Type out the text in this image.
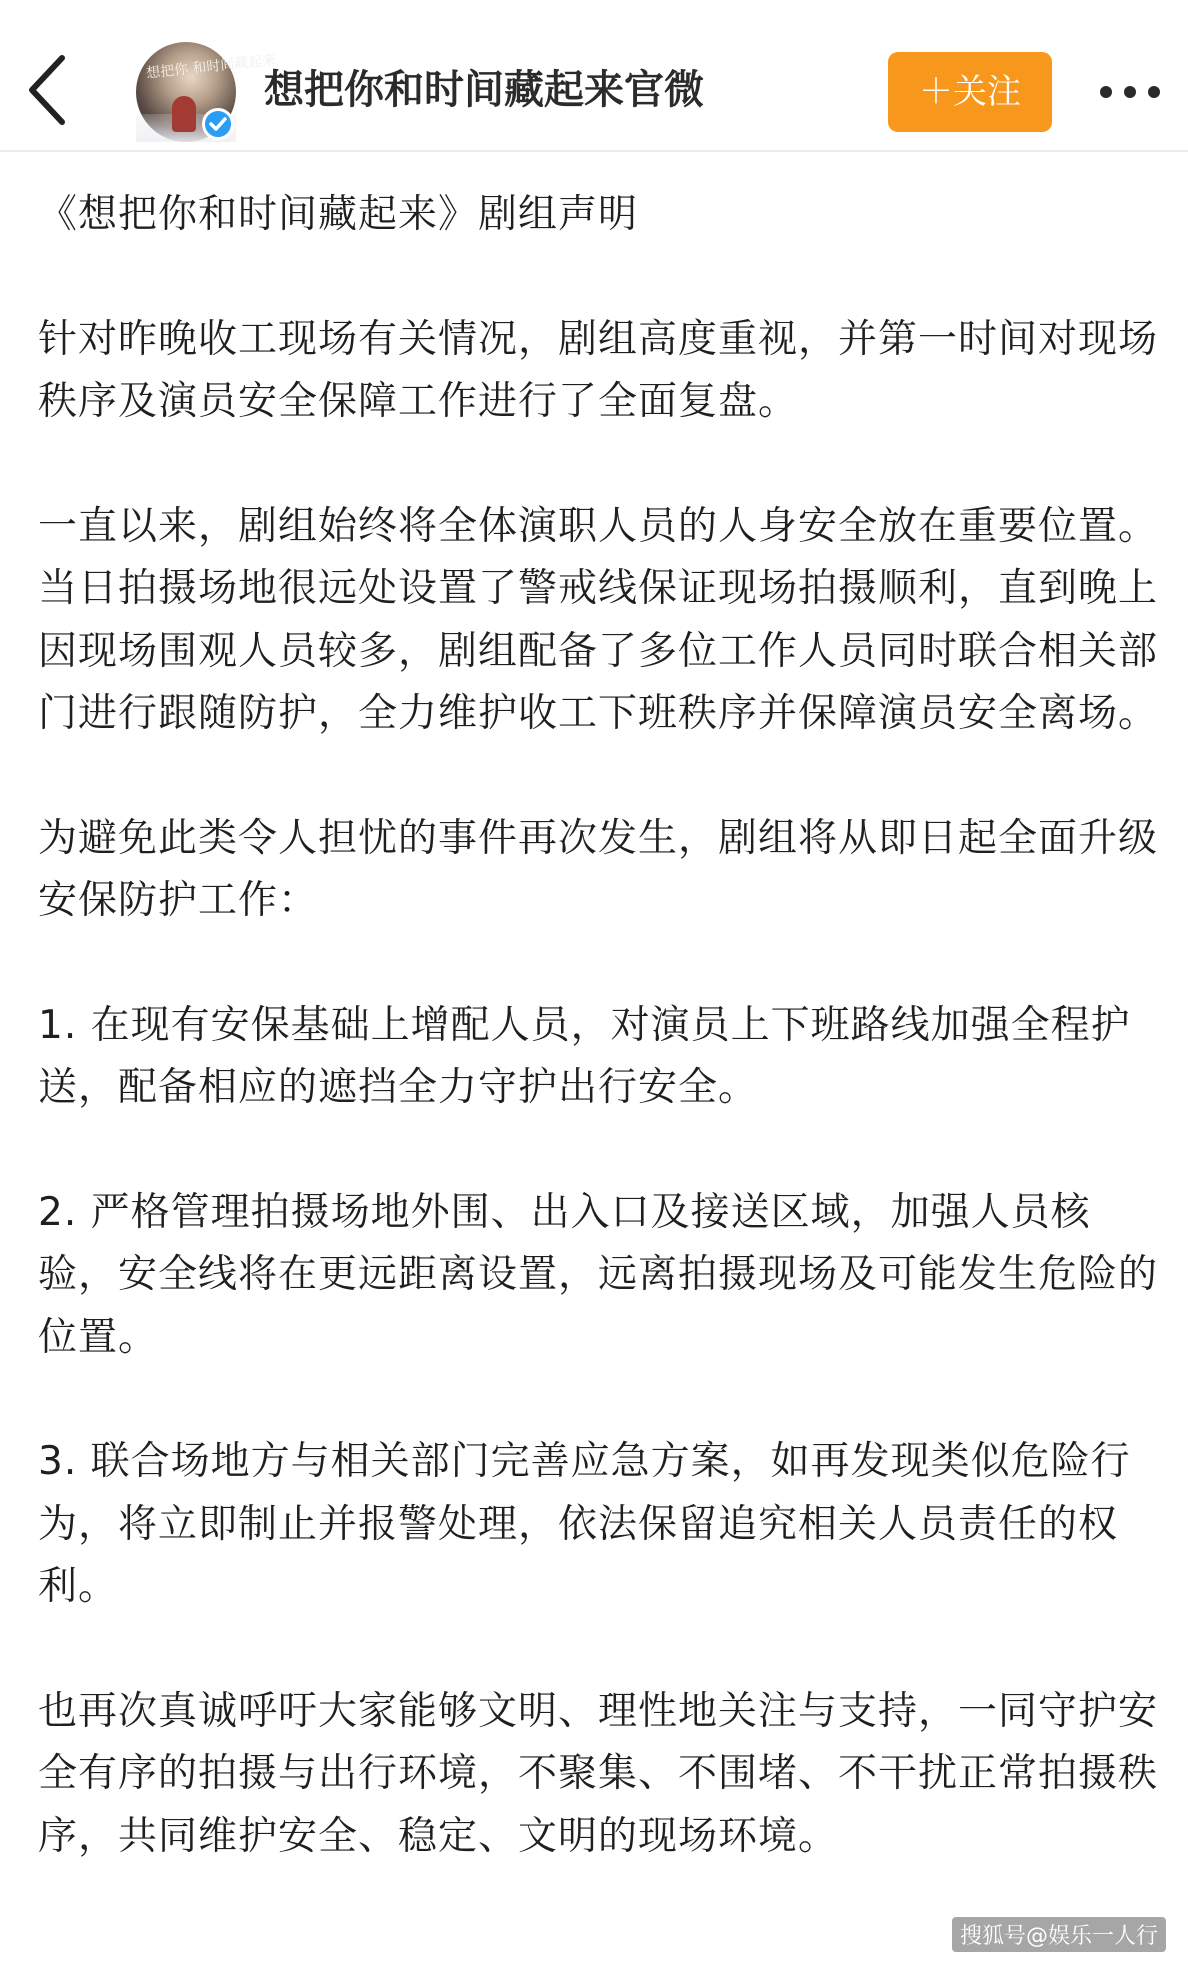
想把你 和时间藏起来
想把你和时间藏起来官微	＋关注

《想把你和时间藏起来》剧组声明

针对昨晚收工现场有关情况，剧组高度重视，并第一时间对现场秩序及演员安全保障工作进行了全面复盘。

一直以来，剧组始终将全体演职人员的人身安全放在重要位置。当日拍摄场地很远处设置了警戒线保证现场拍摄顺利，直到晚上因现场围观人员较多，剧组配备了多位工作人员同时联合相关部门进行跟随防护，全力维护收工下班秩序并保障演员安全离场。

为避免此类令人担忧的事件再次发生，剧组将从即日起全面升级安保防护工作：

1. 在现有安保基础上增配人员，对演员上下班路线加强全程护送，配备相应的遮挡全力守护出行安全。

2. 严格管理拍摄场地外围、出入口及接送区域，加强人员核验，安全线将在更远距离设置，远离拍摄现场及可能发生危险的位置。

3. 联合场地方与相关部门完善应急方案，如再发现类似危险行为，将立即制止并报警处理，依法保留追究相关人员责任的权利。

也再次真诚呼吁大家能够文明、理性地关注与支持，一同守护安全有序的拍摄与出行环境，不聚集、不围堵、不干扰正常拍摄秩序，共同维护安全、稳定、文明的现场环境。

搜狐号@娱乐一人行
